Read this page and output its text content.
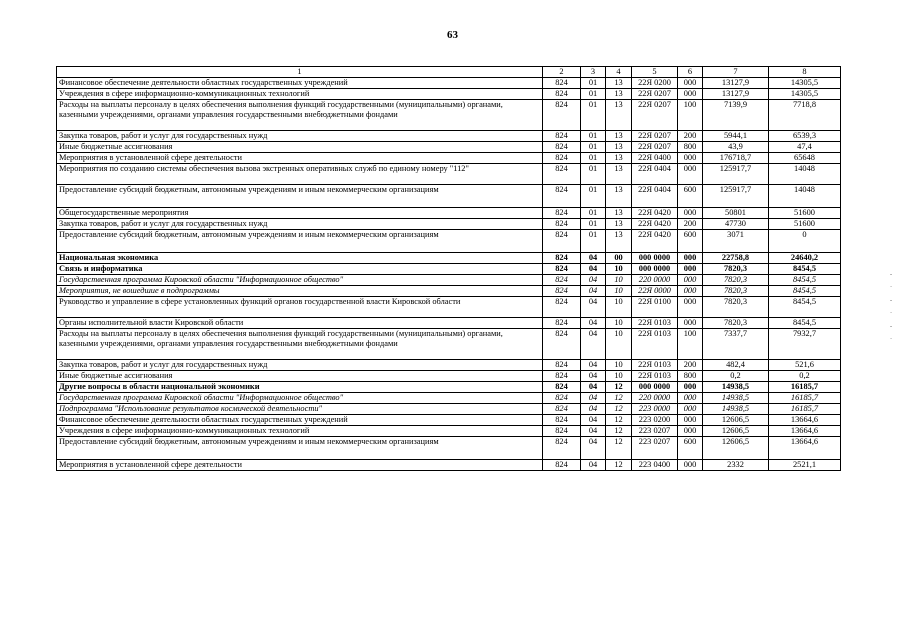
63
1	2	3	4	5	6	7	8
Финансовое обеспечение деятельности областных государственных учреждений	824	01	13	22Я 0200	000	13127,9	14305,5
Учреждения в сфере информационно-коммуникационных технологий	824	01	13	22Я 0207	000	13127,9	14305,5
Расходы на выплаты персоналу в целях обеспечения выполнения функций государственными (муниципальными) органами, казенными учреждениями, органами управления государственными внебюджетными фондами	824	01	13	22Я 0207	100	7139,9	7718,8
Закупка товаров, работ и услуг для государственных нужд	824	01	13	22Я 0207	200	5944,1	6539,3
Иные бюджетные ассигнования	824	01	13	22Я 0207	800	43,9	47,4
Мероприятия в установленной сфере деятельности	824	01	13	22Я 0400	000	176718,7	65648
Мероприятия по созданию системы обеспечения вызова экстренных оперативных служб по единому номеру "112"	824	01	13	22Я 0404	000	125917,7	14048
Предоставление субсидий бюджетным, автономным учреждениям и иным некоммерческим организациям	824	01	13	22Я 0404	600	125917,7	14048
Общегосударственные мероприятия	824	01	13	22Я 0420	000	50801	51600
Закупка товаров, работ и услуг для государственных нужд	824	01	13	22Я 0420	200	47730	51600
Предоставление субсидий бюджетным, автономным учреждениям и иным некоммерческим организациям	824	01	13	22Я 0420	600	3071	0
Национальная экономика	824	04	00	000 0000	000	22758,8	24640,2
Связь и информатика	824	04	10	000 0000	000	7820,3	8454,5
Государственная программа Кировской области "Информационное общество"	824	04	10	220 0000	000	7820,3	8454,5
Мероприятия, не вошедшие в подпрограммы	824	04	10	22Я 0000	000	7820,3	8454,5
Руководство и управление в сфере установленных функций органов государственной власти Кировской области	824	04	10	22Я 0100	000	7820,3	8454,5
Органы исполнительной власти Кировской области	824	04	10	22Я 0103	000	7820,3	8454,5
Расходы на выплаты персоналу в целях обеспечения выполнения функций государственными (муниципальными) органами, казенными учреждениями, органами управления государственными внебюджетными фондами	824	04	10	22Я 0103	100	7337,7	7932,7
Закупка товаров, работ и услуг для государственных нужд	824	04	10	22Я 0103	200	482,4	521,6
Иные бюджетные ассигнования	824	04	10	22Я 0103	800	0,2	0,2
Другие вопросы в области национальной экономики	824	04	12	000 0000	000	14938,5	16185,7
Государственная программа Кировской области "Информационное общество"	824	04	12	220 0000	000	14938,5	16185,7
Подпрограмма "Использование результатов космической деятельности"	824	04	12	223 0000	000	14938,5	16185,7
Финансовое обеспечение деятельности областных государственных учреждений	824	04	12	223 0200	000	12606,5	13664,6
Учреждения в сфере информационно-коммуникационных технологий	824	04	12	223 0207	000	12606,5	13664,6
Предоставление субсидий бюджетным, автономным учреждениям и иным некоммерческим организациям	824	04	12	223 0207	600	12606,5	13664,6
Мероприятия в установленной сфере деятельности	824	04	12	223 0400	000	2332	2521,1
-
·
-
·
-
·
